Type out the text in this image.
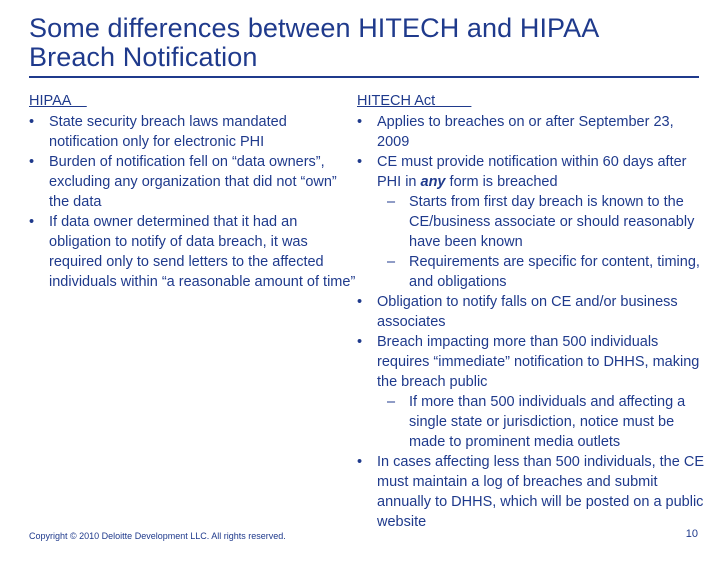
Some differences between HITECH and HIPAA
Breach Notification
HIPAA
• State security breach laws mandated notification only for electronic PHI
• Burden of notification fell on “data owners”, excluding any organization that did not “own” the data
• If data owner determined that it had an obligation to notify of data breach, it was required only to send letters to the affected individuals within “a reasonable amount of time”
HITECH Act
• Applies to breaches on or after September 23, 2009
• CE must provide notification within 60 days after PHI in any form is breached
– Starts from first day breach is known to the CE/business associate or should reasonably have been known
– Requirements are specific for content, timing, and obligations
• Obligation to notify falls on CE and/or business associates
• Breach impacting more than 500 individuals requires “immediate” notification to DHHS, making the breach public
– If more than 500 individuals and affecting a single state or jurisdiction, notice must be made to prominent media outlets
• In cases affecting less than 500 individuals, the CE must maintain a log of breaches and submit annually to DHHS, which will be posted on a public website
Copyright © 2010 Deloitte Development LLC. All rights reserved.	10
